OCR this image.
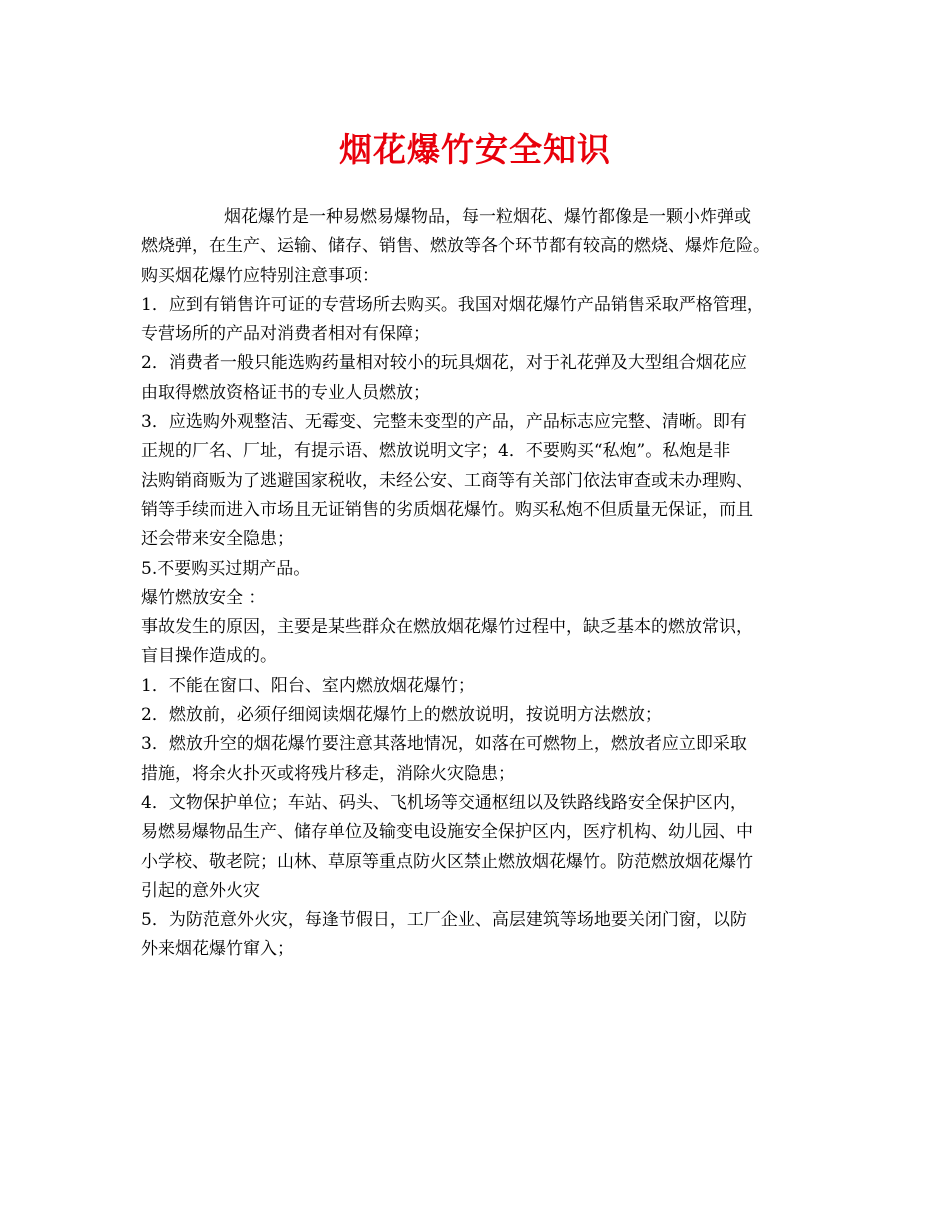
烟花爆竹安全知识
烟花爆竹是一种易燃易爆物品，每一粒烟花、爆竹都像是一颗小炸弹或
燃烧弹，在生产、运输、储存、销售、燃放等各个环节都有较高的燃烧、爆炸危险。
购买烟花爆竹应特别注意事项：
1．应到有销售许可证的专营场所去购买。我国对烟花爆竹产品销售采取严格管理，
专营场所的产品对消费者相对有保障；
2．消费者一般只能选购药量相对较小的玩具烟花，对于礼花弹及大型组合烟花应
由取得燃放资格证书的专业人员燃放；
3．应选购外观整洁、无霉变、完整未变型的产品，产品标志应完整、清晰。即有
正规的厂名、厂址，有提示语、燃放说明文字；4．不要购买“私炮”。私炮是非
法购销商贩为了逃避国家税收，未经公安、工商等有关部门依法审查或未办理购、
销等手续而进入市场且无证销售的劣质烟花爆竹。购买私炮不但质量无保证，而且
还会带来安全隐患；
5.不要购买过期产品。
爆竹燃放安全 ：
事故发生的原因，主要是某些群众在燃放烟花爆竹过程中，缺乏基本的燃放常识，
盲目操作造成的。
1．不能在窗口、阳台、室内燃放烟花爆竹；
2．燃放前，必须仔细阅读烟花爆竹上的燃放说明，按说明方法燃放；
3．燃放升空的烟花爆竹要注意其落地情况，如落在可燃物上，燃放者应立即采取
措施，将余火扑灭或将残片移走，消除火灾隐患；
4．文物保护单位；车站、码头、飞机场等交通枢纽以及铁路线路安全保护区内，
易燃易爆物品生产、储存单位及输变电设施安全保护区内，医疗机构、幼儿园、中
小学校、敬老院；山林、草原等重点防火区禁止燃放烟花爆竹。防范燃放烟花爆竹
引起的意外火灾
5．为防范意外火灾，每逢节假日，工厂企业、高层建筑等场地要关闭门窗，以防
外来烟花爆竹窜入；
